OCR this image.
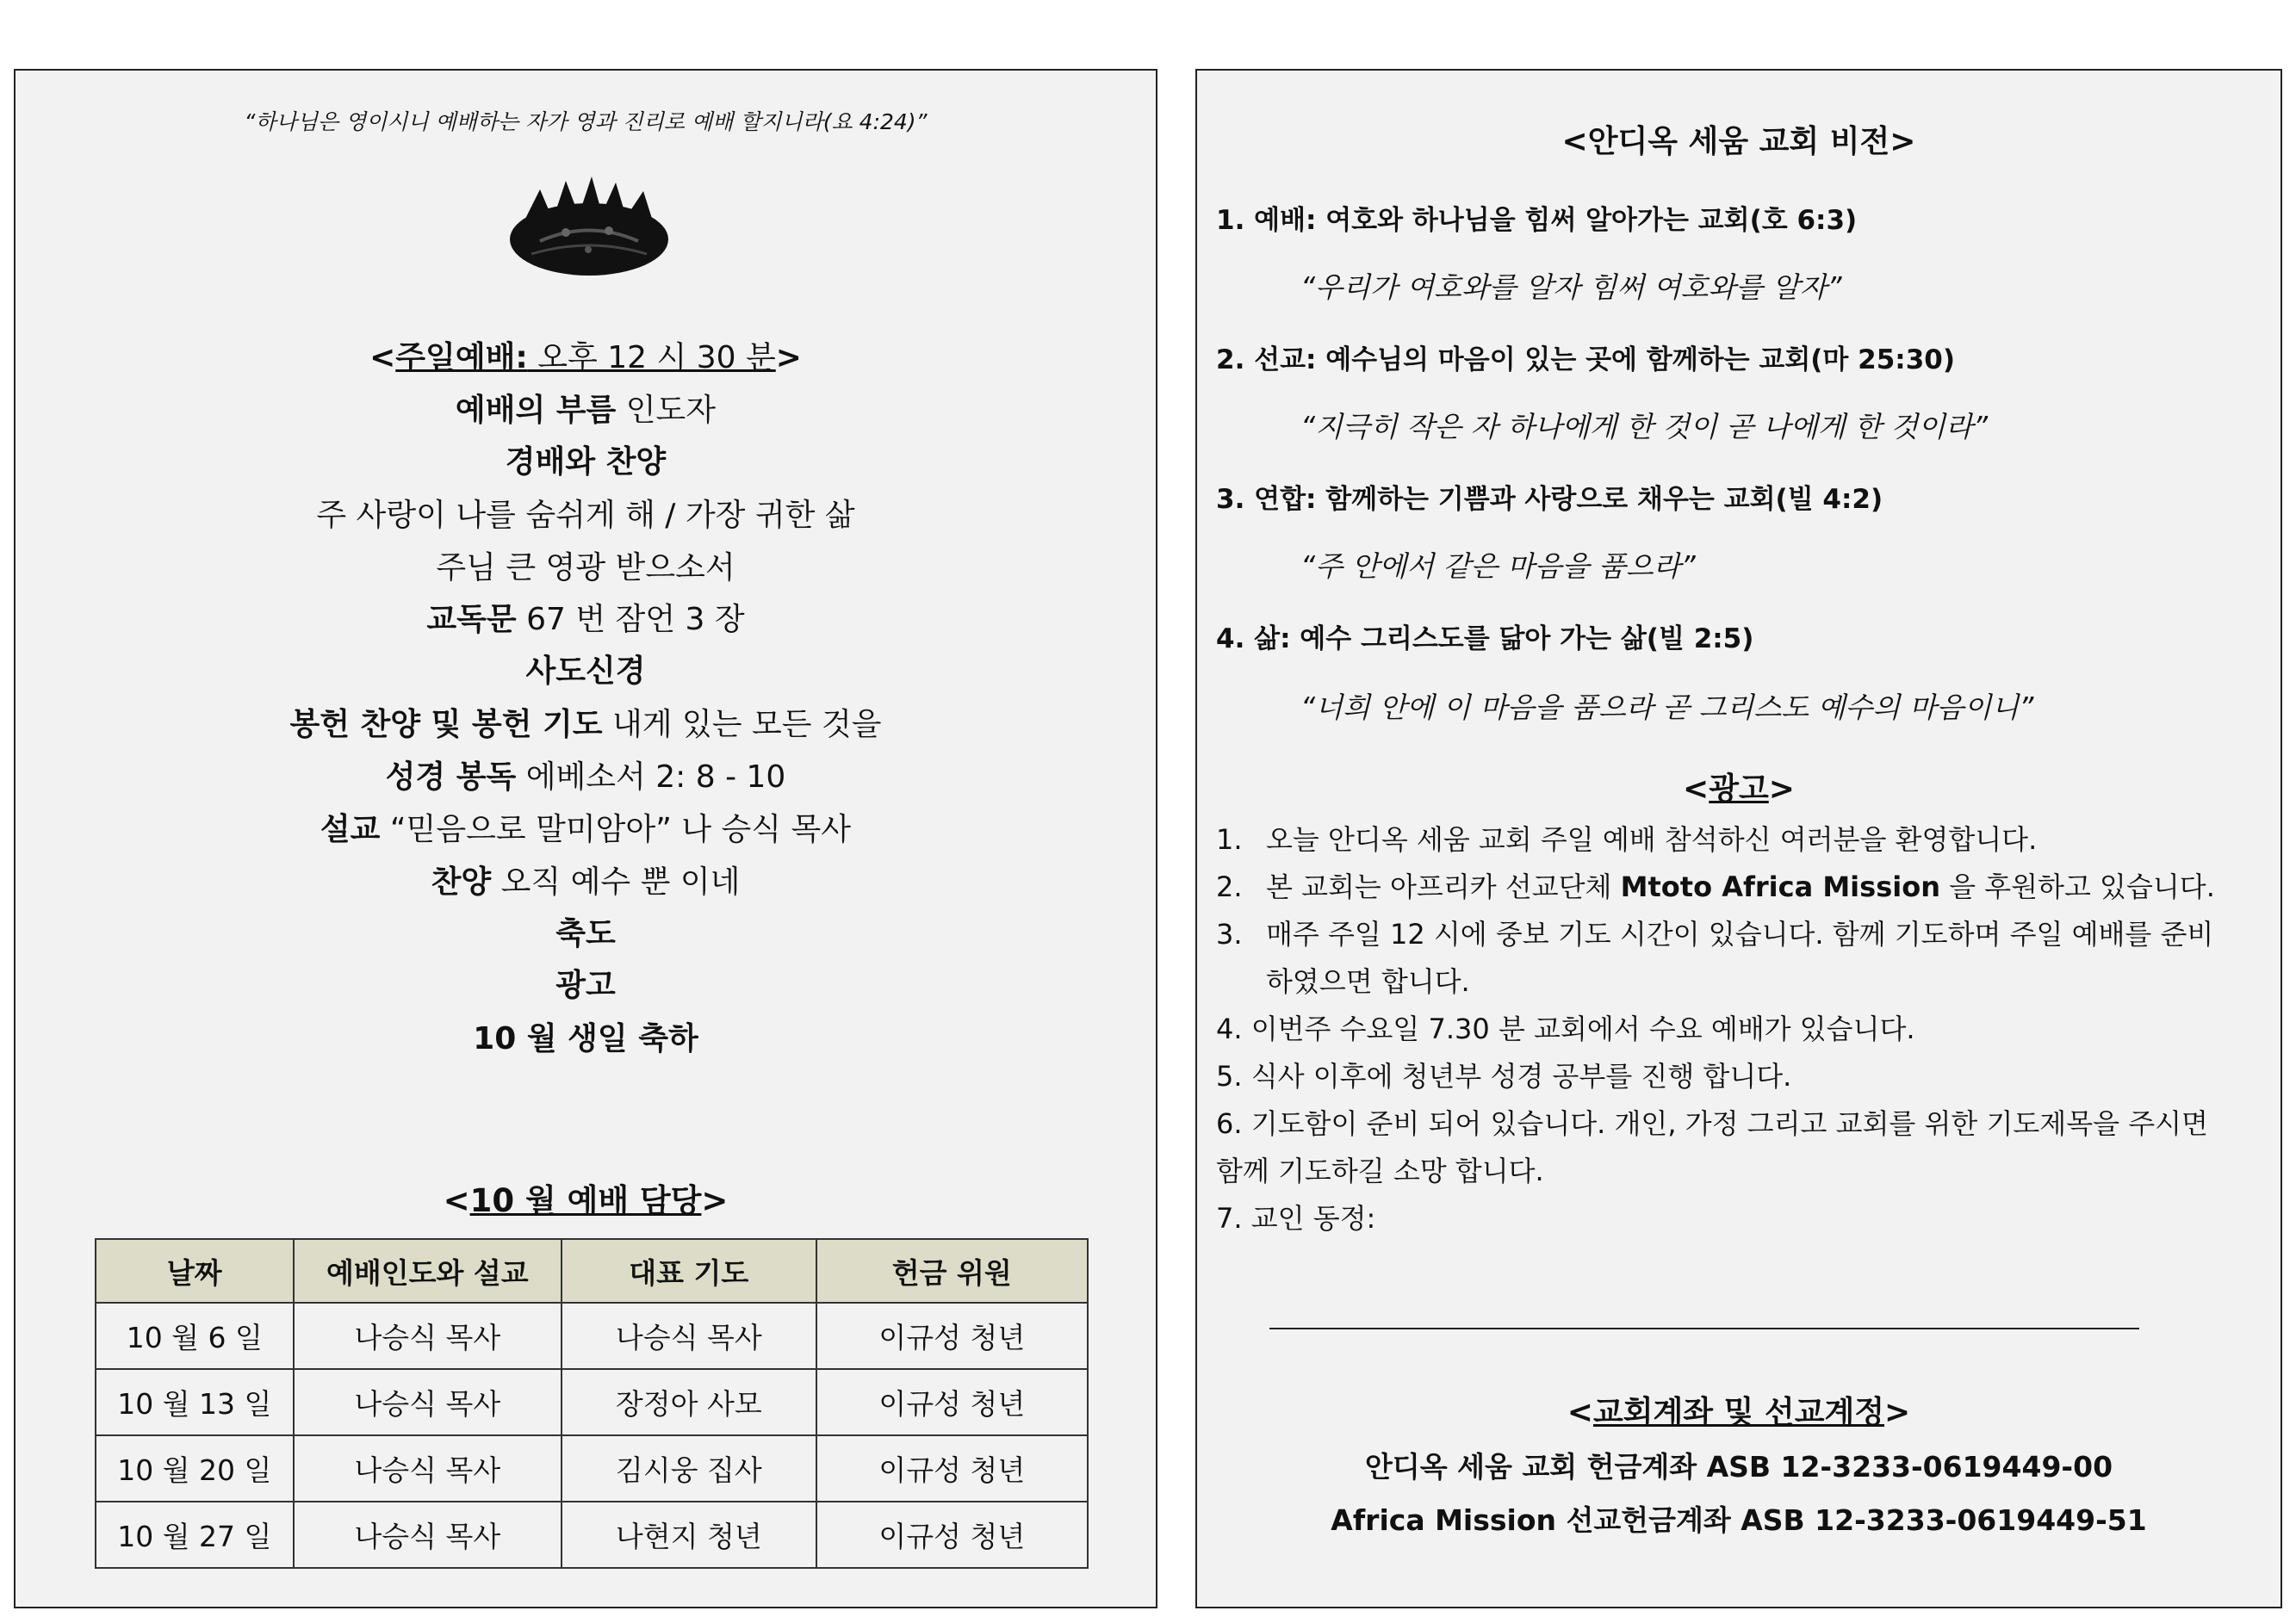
“하나님은 영이시니 예배하는 자가 영과 진리로 예배 할지니라(요 4:24)”
<주일예배: 오후 12 시 30 분>
예배의 부름 인도자
경배와 찬양
주 사랑이 나를 숨쉬게 해 / 가장 귀한 삶
주님 큰 영광 받으소서
교독문 67 번 잠언 3 장
사도신경
봉헌 찬양 및 봉헌 기도 내게 있는 모든 것을
성경 봉독 에베소서 2: 8 - 10
설교 “믿음으로 말미암아” 나 승식 목사
찬양 오직 예수 뿐 이네
축도
광고
10 월 생일 축하
<10 월 예배 담당>
날짜	예배인도와 설교	대표 기도	헌금 위원
10 월 6 일	나승식 목사	나승식 목사	이규성 청년
10 월 13 일	나승식 목사	장정아 사모	이규성 청년
10 월 20 일	나승식 목사	김시웅 집사	이규성 청년
10 월 27 일	나승식 목사	나현지 청년	이규성 청년
<안디옥 세움 교회 비전>
1. 예배: 여호와 하나님을 힘써 알아가는 교회(호 6:3)
“우리가 여호와를 알자 힘써 여호와를 알자”
2. 선교: 예수님의 마음이 있는 곳에 함께하는 교회(마 25:30)
“지극히 작은 자 하나에게 한 것이 곧 나에게 한 것이라”
3. 연합: 함께하는 기쁨과 사랑으로 채우는 교회(빌 4:2)
“주 안에서 같은 마음을 품으라”
4. 삶: 예수 그리스도를 닮아 가는 삶(빌 2:5)
“너희 안에 이 마음을 품으라 곧 그리스도 예수의 마음이니”
<광고>
1. 오늘 안디옥 세움 교회 주일 예배 참석하신 여러분을 환영합니다.
2. 본 교회는 아프리카 선교단체 Mtoto Africa Mission 을 후원하고 있습니다.
3. 매주 주일 12 시에 중보 기도 시간이 있습니다. 함께 기도하며 주일 예배를 준비
하였으면 합니다.
4. 이번주 수요일 7.30 분 교회에서 수요 예배가 있습니다.
5. 식사 이후에 청년부 성경 공부를 진행 합니다.
6. 기도함이 준비 되어 있습니다. 개인, 가정 그리고 교회를 위한 기도제목을 주시면
함께 기도하길 소망 합니다.
7. 교인 동정:
<교회계좌 및 선교계정>
안디옥 세움 교회 헌금계좌 ASB 12-3233-0619449-00
Africa Mission 선교헌금계좌 ASB 12-3233-0619449-51
